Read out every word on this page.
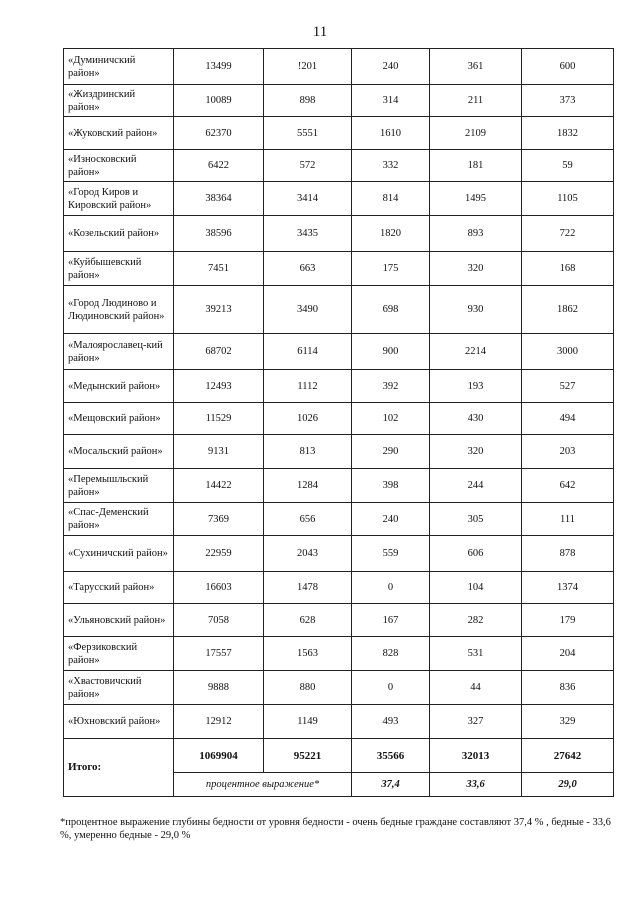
11
«Думиничский район»	13499	!201	240	361	600
«Жиздринский район»	10089	898	314	211	373
«Жуковский район»	62370	5551	1610	2109	1832
«Износковский район»	6422	572	332	181	59
«Город Киров и Кировский район»	38364	3414	814	1495	1105
«Козельский район»	38596	3435	1820	893	722
«Куйбышевский район»	7451	663	175	320	168
«Город Людиново и Людиновский район»	39213	3490	698	930	1862
«Малоярославец-кий район»	68702	6114	900	2214	3000
«Медынский район»	12493	1112	392	193	527
«Мещовский район»	11529	1026	102	430	494
«Мосальский район»	9131	813	290	320	203
«Перемышльский район»	14422	1284	398	244	642
«Спас-Деменский район»	7369	656	240	305	111
«Сухиничский район»	22959	2043	559	606	878
«Тарусский район»	16603	1478	0	104	1374
«Ульяновский район»	7058	628	167	282	179
«Ферзиковский район»	17557	1563	828	531	204
«Хвастовичский район»	9888	880	0	44	836
«Юхновский район»	12912	1149	493	327	329
Итого:	1069904	95221	35566	32013	27642
	процентное выражение*		37,4	33,6	29,0
*процентное выражение глубины бедности от уровня бедности - очень бедные граждане составляют 37,4 % , бедные - 33,6 %, умеренно бедные - 29,0 %
